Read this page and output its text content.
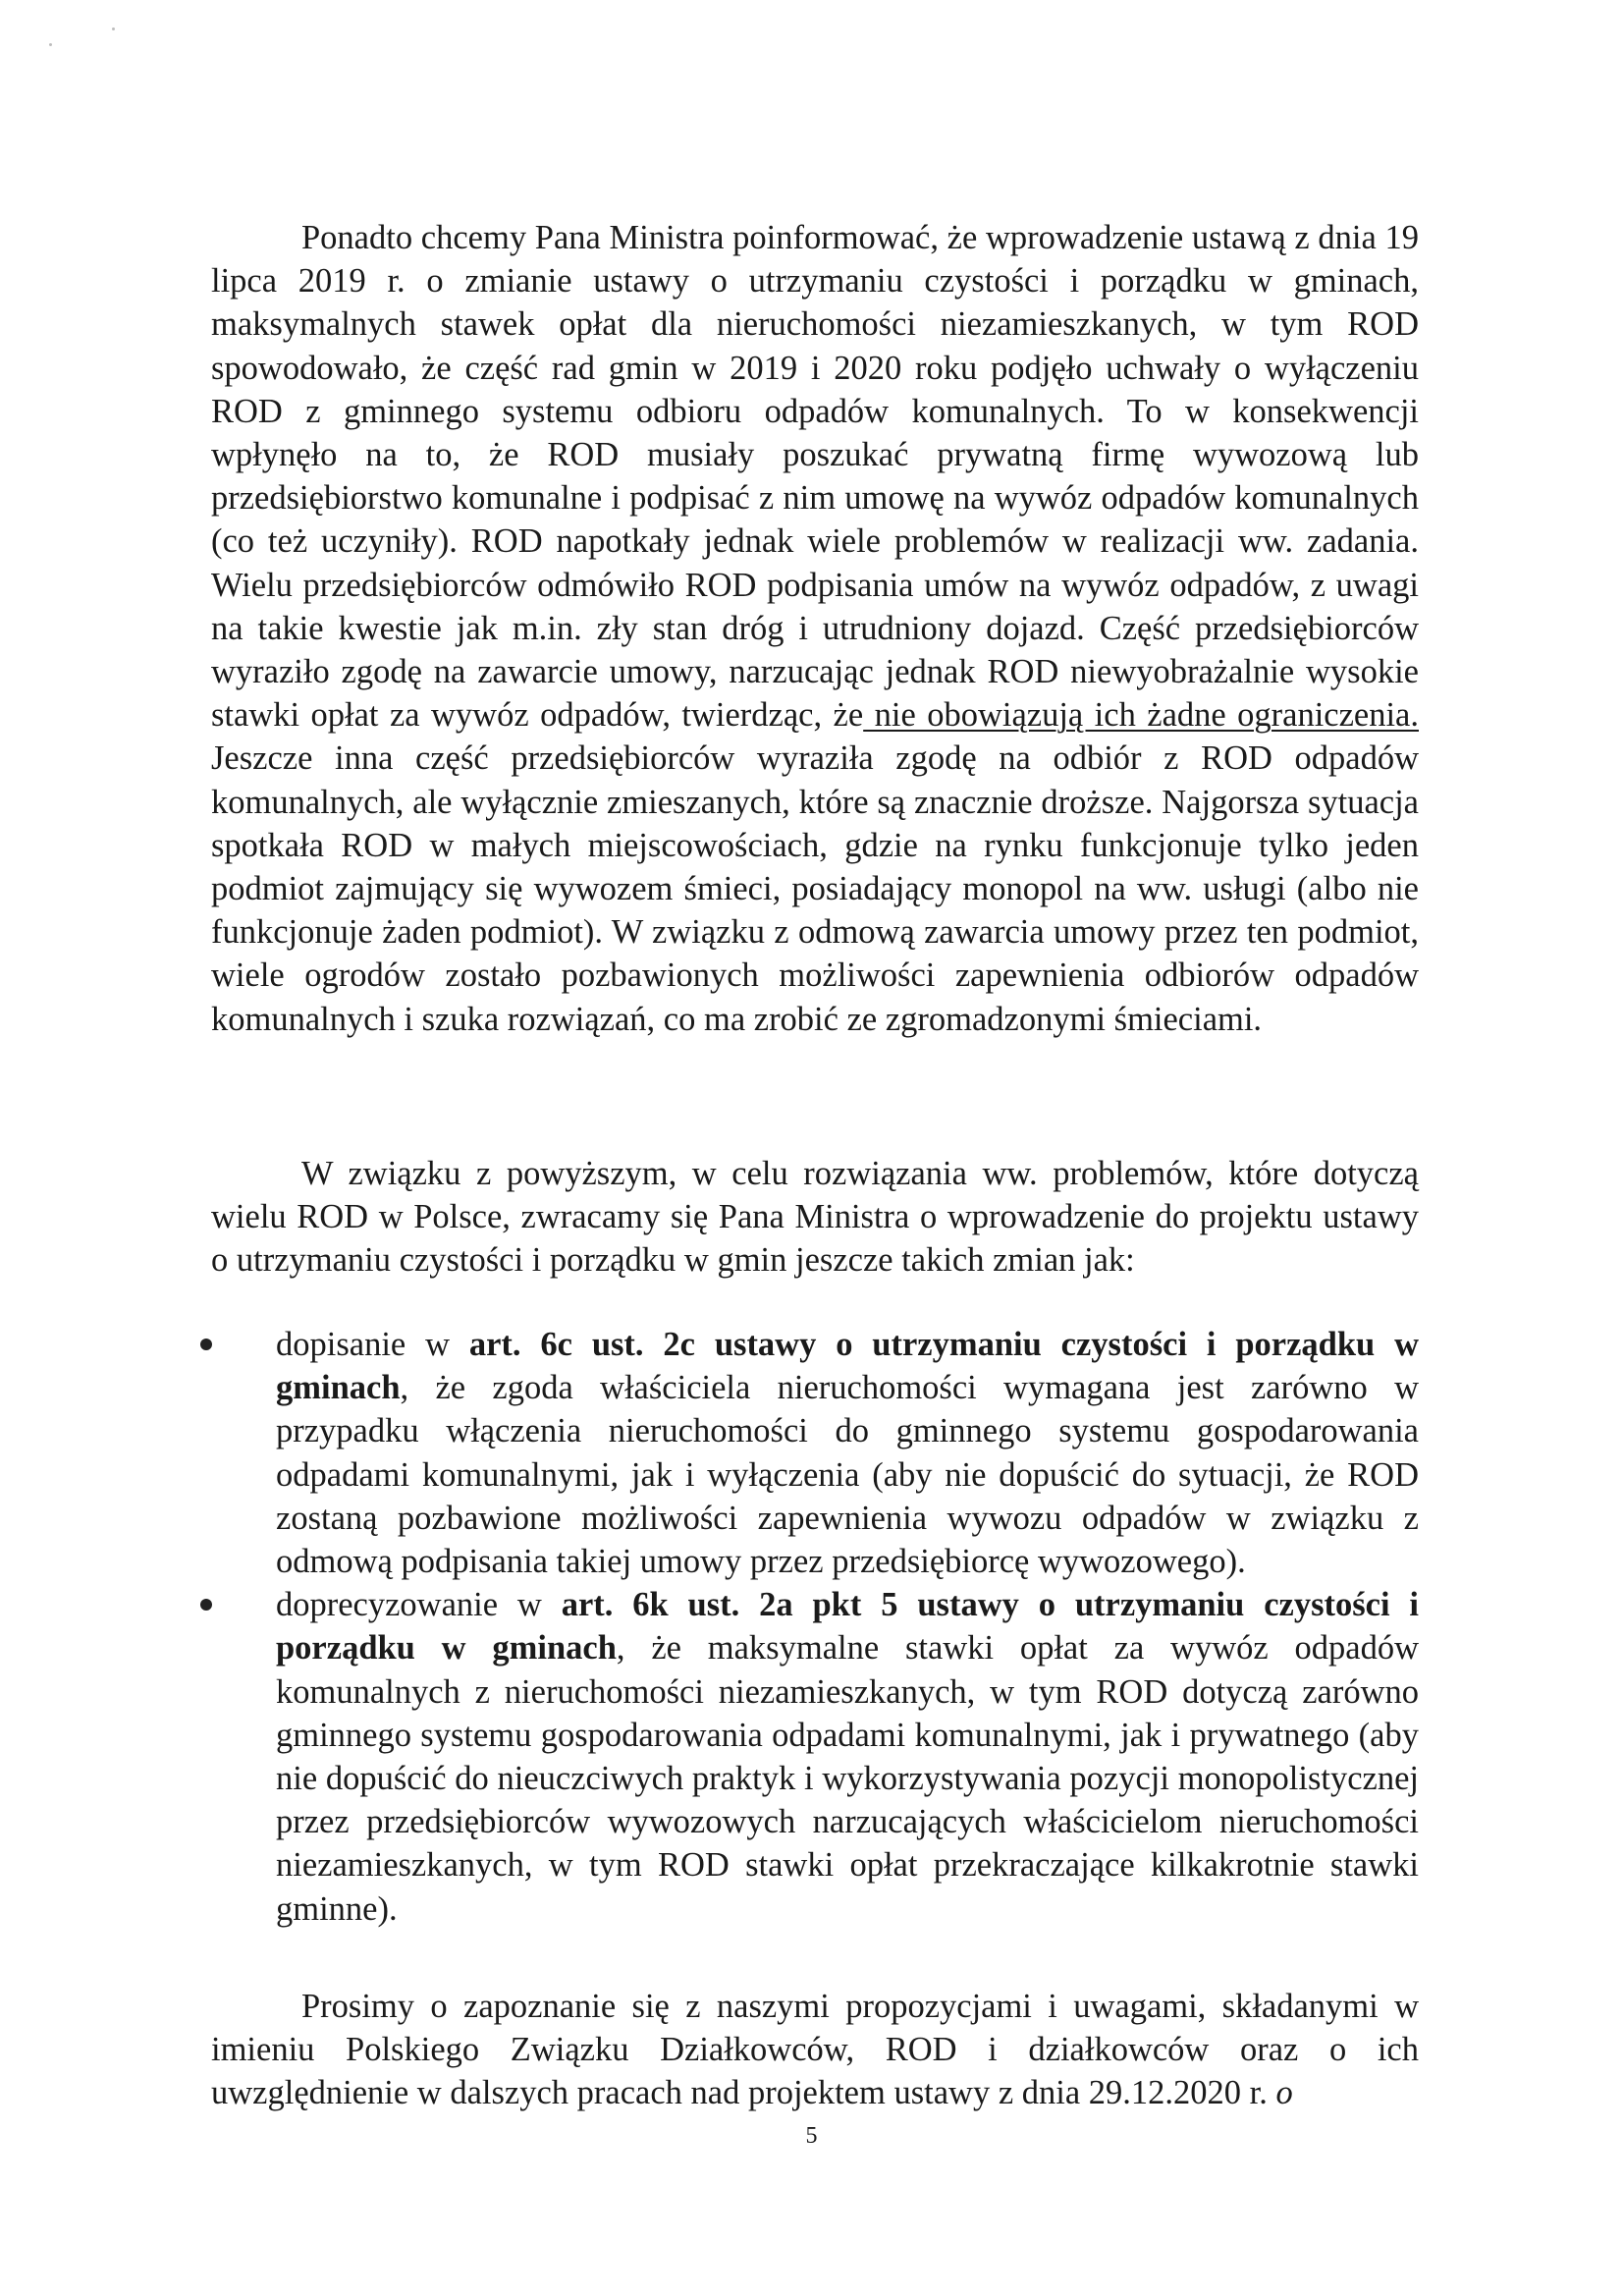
Ponadto chcemy Pana Ministra poinformować, że wprowadzenie ustawą z dnia 19 lipca 2019 r. o zmianie ustawy o utrzymaniu czystości i porządku w gminach, maksymalnych stawek opłat dla nieruchomości niezamieszkanych, w tym ROD spowodowało, że część rad gmin w 2019 i 2020 roku podjęło uchwały o wyłączeniu ROD z gminnego systemu odbioru odpadów komunalnych. To w konsekwencji wpłynęło na to, że ROD musiały poszukać prywatną firmę wywozową lub przedsiębiorstwo komunalne i podpisać z nim umowę na wywóz odpadów komunalnych (co też uczyniły). ROD napotkały jednak wiele problemów w realizacji ww. zadania. Wielu przedsiębiorców odmówiło ROD podpisania umów na wywóz odpadów, z uwagi na takie kwestie jak m.in. zły stan dróg i utrudniony dojazd. Część przedsiębiorców wyraziło zgodę na zawarcie umowy, narzucając jednak ROD niewyobrażalnie wysokie stawki opłat za wywóz odpadów, twierdząc, że nie obowiązują ich żadne ograniczenia. Jeszcze inna część przedsiębiorców wyraziła zgodę na odbiór z ROD odpadów komunalnych, ale wyłącznie zmieszanych, które są znacznie droższe. Najgorsza sytuacja spotkała ROD w małych miejscowościach, gdzie na rynku funkcjonuje tylko jeden podmiot zajmujący się wywozem śmieci, posiadający monopol na ww. usługi (albo nie funkcjonuje żaden podmiot). W związku z odmową zawarcia umowy przez ten podmiot, wiele ogrodów zostało pozbawionych możliwości zapewnienia odbiorów odpadów komunalnych i szuka rozwiązań, co ma zrobić ze zgromadzonymi śmieciami.

W związku z powyższym, w celu rozwiązania ww. problemów, które dotyczą wielu ROD w Polsce, zwracamy się Pana Ministra o wprowadzenie do projektu ustawy o utrzymaniu czystości i porządku w gmin jeszcze takich zmian jak:

dopisanie w art. 6c ust. 2c ustawy o utrzymaniu czystości i porządku w gminach, że zgoda właściciela nieruchomości wymagana jest zarówno w przypadku włączenia nieruchomości do gminnego systemu gospodarowania odpadami komunalnymi, jak i wyłączenia (aby nie dopuścić do sytuacji, że ROD zostaną pozbawione możliwości zapewnienia wywozu odpadów w związku z odmową podpisania takiej umowy przez przedsiębiorcę wywozowego).
doprecyzowanie w art. 6k ust. 2a pkt 5 ustawy o utrzymaniu czystości i porządku w gminach, że maksymalne stawki opłat za wywóz odpadów komunalnych z nieruchomości niezamieszkanych, w tym ROD dotyczą zarówno gminnego systemu gospodarowania odpadami komunalnymi, jak i prywatnego (aby nie dopuścić do nieuczciwych praktyk i wykorzystywania pozycji monopolistycznej przez przedsiębiorców wywozowych narzucających właścicielom nieruchomości niezamieszkanych, w tym ROD stawki opłat przekraczające kilkakrotnie stawki gminne).

Prosimy o zapoznanie się z naszymi propozycjami i uwagami, składanymi w imieniu Polskiego Związku Działkowców, ROD i działkowców oraz o ich uwzględnienie w dalszych pracach nad projektem ustawy z dnia 29.12.2020 r. o

5
